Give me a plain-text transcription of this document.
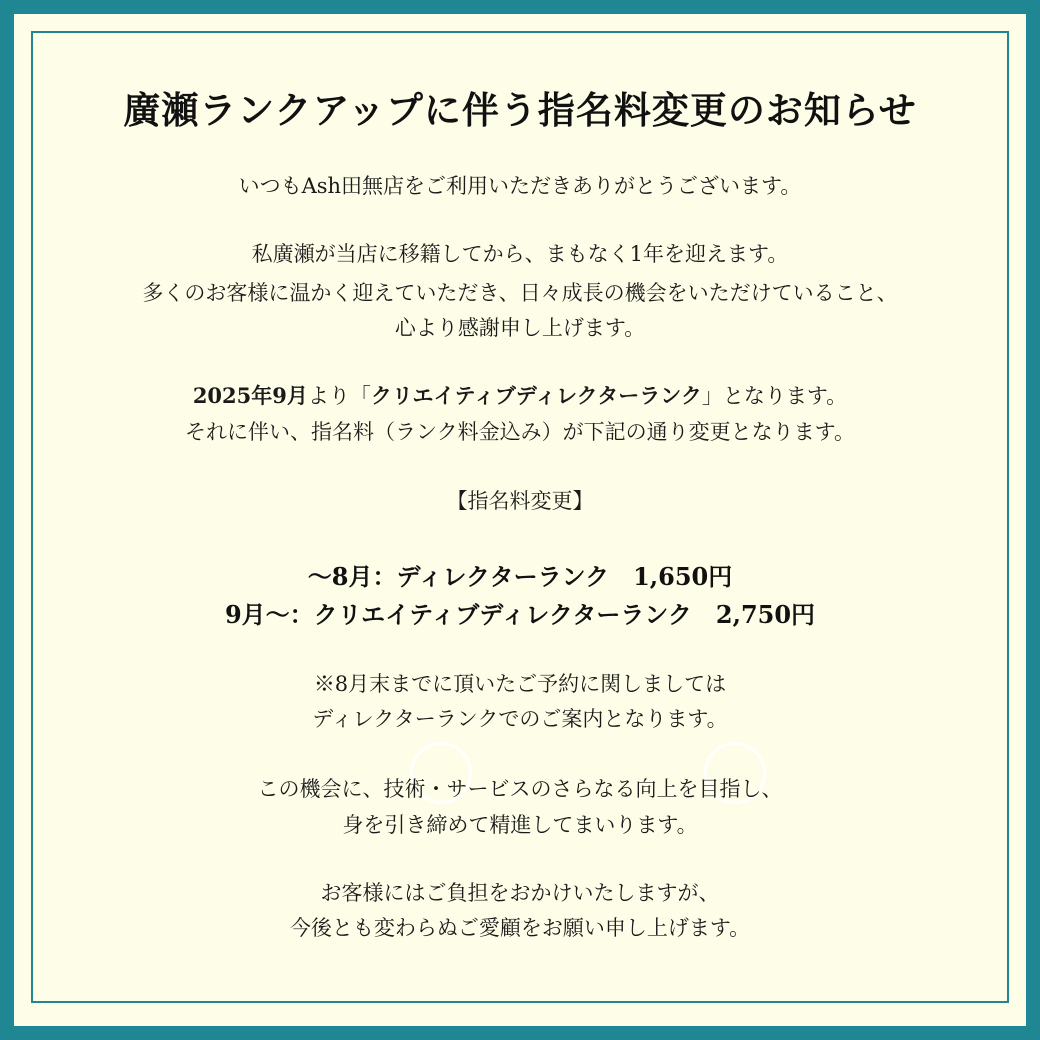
廣瀬ランクアップに伴う指名料変更のお知らせ
いつもAsh田無店をご利用いただきありがとうございます。
私廣瀬が当店に移籍してから、まもなく1年を迎えます。
多くのお客様に温かく迎えていただき、日々成長の機会をいただけていること、
心より感謝申し上げます。
2025年9月より「クリエイティブディレクターランク」となります。
それに伴い、指名料（ランク料金込み）が下記の通り変更となります。
【指名料変更】
〜8月：ディレクターランク　1,650円
9月〜：クリエイティブディレクターランク　2,750円
※8月末までに頂いたご予約に関しましては
ディレクターランクでのご案内となります。
この機会に、技術・サービスのさらなる向上を目指し、
身を引き締めて精進してまいります。
お客様にはご負担をおかけいたしますが、
今後とも変わらぬご愛顧をお願い申し上げます。
